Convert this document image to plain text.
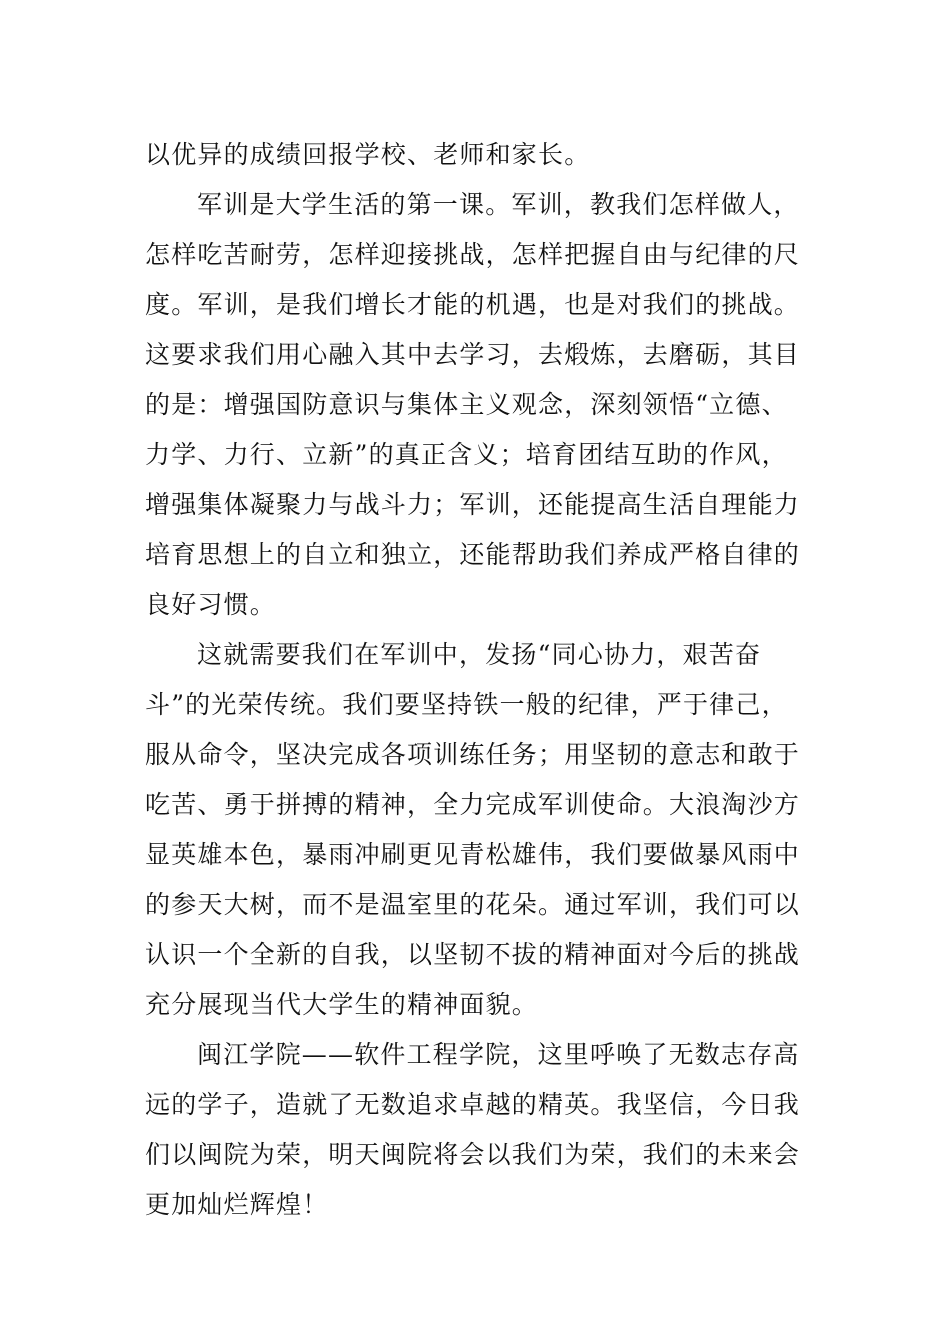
以优异的成绩回报学校、老师和家长。
军训是大学生活的第一课。军训，教我们怎样做人，
怎样吃苦耐劳，怎样迎接挑战，怎样把握自由与纪律的尺
度。军训，是我们增长才能的机遇，也是对我们的挑战。
这要求我们用心融入其中去学习，去煅炼，去磨砺，其目
的是：增强国防意识与集体主义观念，深刻领悟“立德、
力学、力行、立新”的真正含义；培育团结互助的作风，
增强集体凝聚力与战斗力；军训，还能提高生活自理能力
培育思想上的自立和独立，还能帮助我们养成严格自律的
良好习惯。
这就需要我们在军训中，发扬“同心协力，艰苦奋
斗”的光荣传统。我们要坚持铁一般的纪律，严于律己，
服从命令，坚决完成各项训练任务；用坚韧的意志和敢于
吃苦、勇于拼搏的精神，全力完成军训使命。大浪淘沙方
显英雄本色，暴雨冲刷更见青松雄伟，我们要做暴风雨中
的参天大树，而不是温室里的花朵。通过军训，我们可以
认识一个全新的自我，以坚韧不拔的精神面对今后的挑战
充分展现当代大学生的精神面貌。
闽江学院——软件工程学院，这里呼唤了无数志存高
远的学子，造就了无数追求卓越的精英。我坚信，今日我
们以闽院为荣，明天闽院将会以我们为荣，我们的未来会
更加灿烂辉煌！
